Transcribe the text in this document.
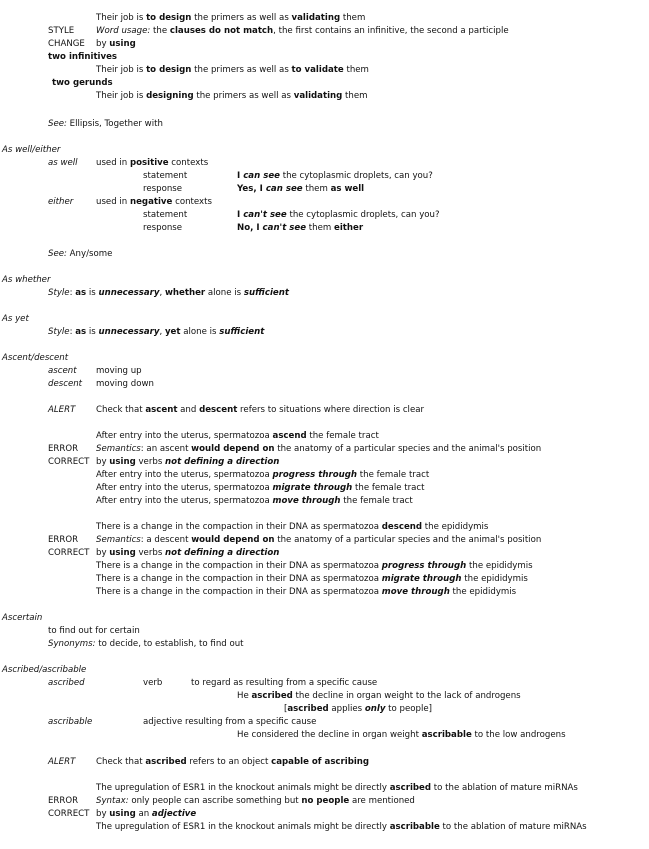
Their job is to design the primers as well as validating them
STYLE	Word usage: the clauses do not match, the first contains an infinitive, the second a participle
CHANGE by using
two infinitives
Their job is to design the primers as well as to validate them
two gerunds
Their job is designing the primers as well as validating them
See: Ellipsis, Together with
As well/either
as well used in positive contexts
statement	I can see the cytoplasmic droplets, can you?
response	Yes, I can see them as well
either	used in negative contexts
statement	I can't see the cytoplasmic droplets, can you?
response	No, I can't see them either
See: Any/some
As whether
Style: as is unnecessary, whether alone is sufficient
As yet
Style: as is unnecessary, yet alone is sufficient
Ascent/descent
ascent moving up
descent moving down
ALERT Check that ascent and descent refers to situations where direction is clear
After entry into the uterus, spermatozoa ascend the female tract
ERROR Semantics: an ascent would depend on the anatomy of a particular species and the animal's position
CORRECT by using verbs not defining a direction
After entry into the uterus, spermatozoa progress through the female tract
After entry into the uterus, spermatozoa migrate through the female tract
After entry into the uterus, spermatozoa move through the female tract
There is a change in the compaction in their DNA as spermatozoa descend the epididymis
ERROR Semantics: a descent would depend on the anatomy of a particular species and the animal's position
CORRECT by using verbs not defining a direction
There is a change in the compaction in their DNA as spermatozoa progress through the epididymis
There is a change in the compaction in their DNA as spermatozoa migrate through the epididymis
There is a change in the compaction in their DNA as spermatozoa move through the epididymis
Ascertain
to find out for certain
Synonyms: to decide, to establish, to find out
Ascribed/ascribable
ascribed	verb	to regard as resulting from a specific cause
He ascribed the decline in organ weight to the lack of androgens
[ascribed applies only to people]
ascribable	adjective resulting from a specific cause
He considered the decline in organ weight ascribable to the low androgens
ALERT Check that ascribed refers to an object capable of ascribing
The upregulation of ESR1 in the knockout animals might be directly ascribed to the ablation of mature miRNAs
ERROR Syntax: only people can ascribe something but no people are mentioned
CORRECT by using an adjective
The upregulation of ESR1 in the knockout animals might be directly ascribable to the ablation of mature miRNAs
